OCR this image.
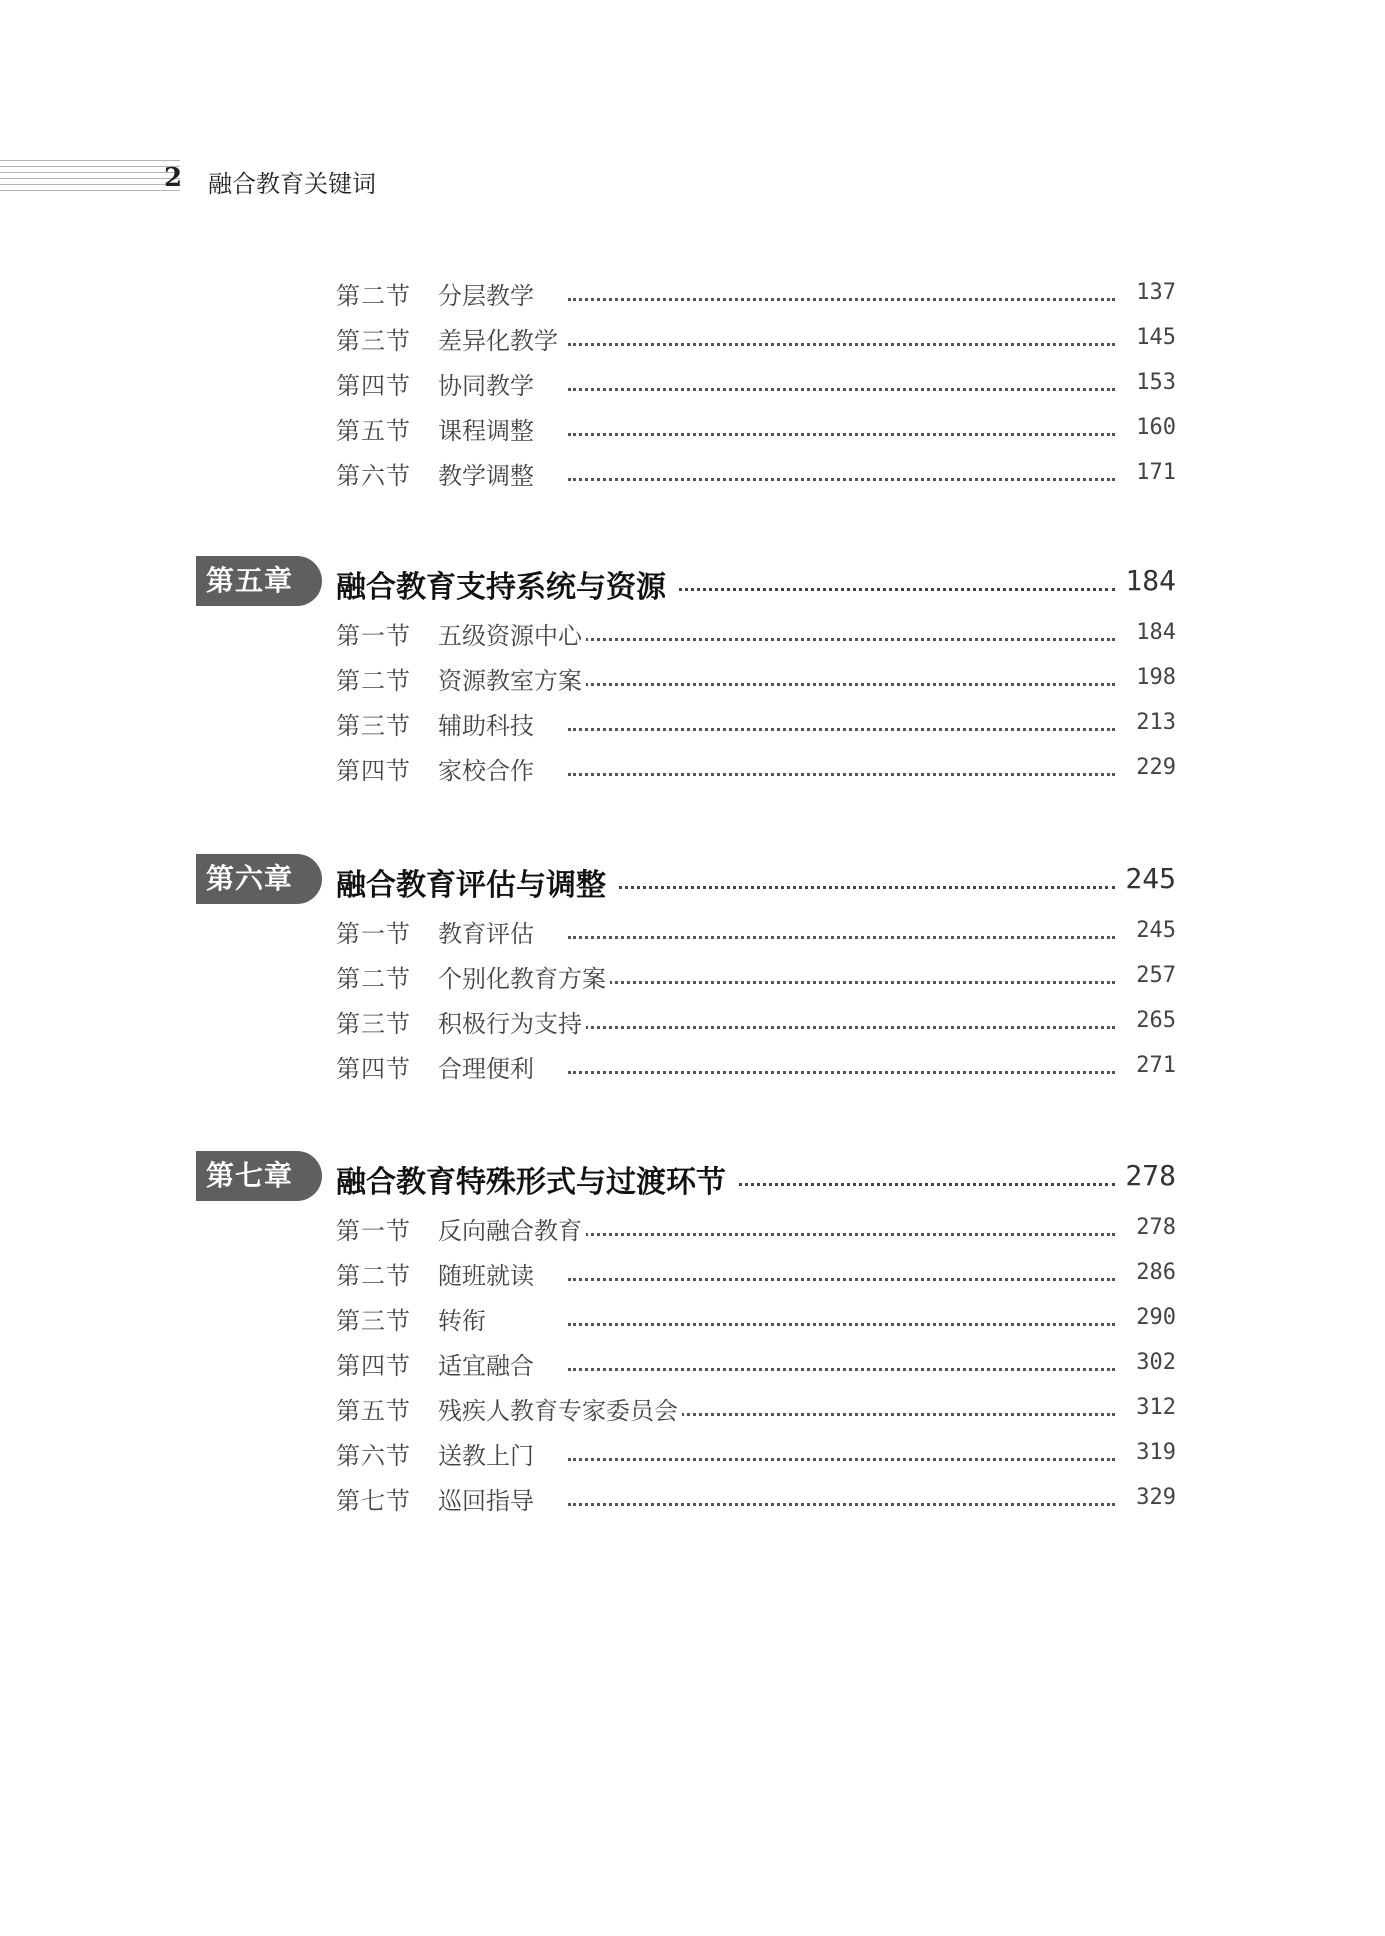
2 融合教育关键词
第二节 分层教学	137
第三节 差异化教学	145
第四节 协同教学	153
第五节 课程调整	160
第六节 教学调整	171
第五章	融合教育支持系统与资源	184
第一节 五级资源中心	184
第二节 资源教室方案	198
第三节 辅助科技	213
第四节 家校合作	229
第六章	融合教育评估与调整	245
第一节 教育评估	245
第二节 个别化教育方案	257
第三节 积极行为支持	265
第四节 合理便利	271
第七章	融合教育特殊形式与过渡环节	278
第一节 反向融合教育	278
第二节 随班就读	286
第三节 转衔	290
第四节 适宜融合	302
第五节 残疾人教育专家委员会	312
第六节 送教上门	319
第七节 巡回指导	329
